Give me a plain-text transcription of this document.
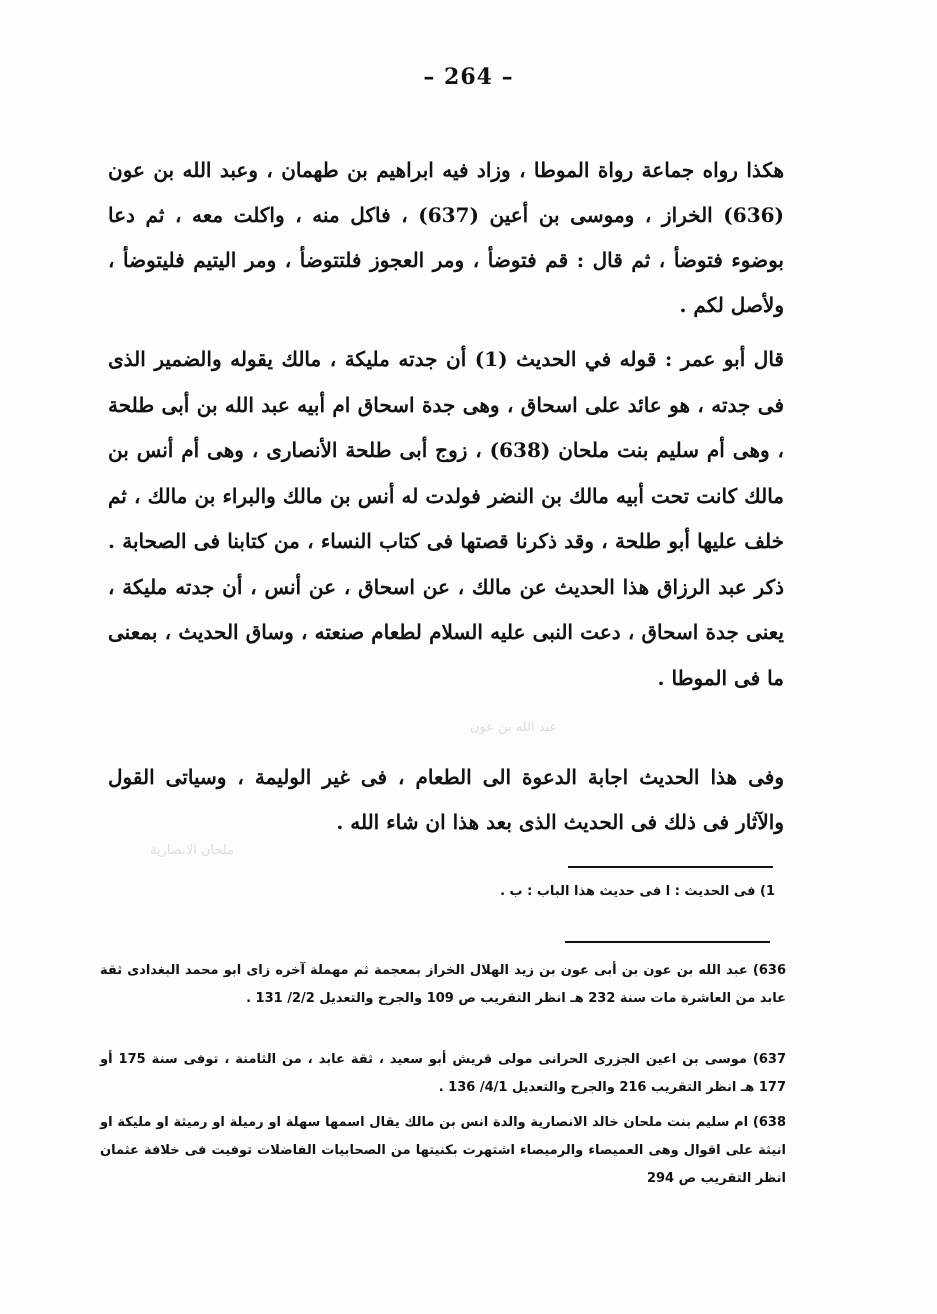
– 264 –

هكذا رواه جماعة رواة الموطا ، وزاد فيه ابراهيم بن طهمان ، وعبد الله بن عون (636) الخراز ، وموسى بن أعين (637) ، فاكل منه ، واكلت معه ، ثم دعا بوضوء فتوضأ ، ثم قال : قم فتوضأ ، ومر العجوز فلتتوضأ ، ومر اليتيم فليتوضأ ، ولأصل لكم .

قال أبو عمر : قوله في الحديث (1) أن جدته مليكة ، مالك يقوله والضمير الذى فى جدته ، هو عائد على اسحاق ، وهى جدة اسحاق ام أبيه عبد الله بن أبى طلحة ، وهى أم سليم بنت ملحان (638) ، زوج أبى طلحة الأنصارى ، وهى أم أنس بن مالك كانت تحت أبيه مالك بن النضر فولدت له أنس بن مالك والبراء بن مالك ، ثم خلف عليها أبو طلحة ، وقد ذكرنا قصتها فى كتاب النساء ، من كتابنا فى الصحابة . ذكر عبد الرزاق هذا الحديث عن مالك ، عن اسحاق ، عن أنس ، أن جدته مليكة ، يعنى جدة اسحاق ، دعت النبى عليه السلام لطعام صنعته ، وساق الحديث ، بمعنى ما فى الموطا .

وفى هذا الحديث اجابة الدعوة الى الطعام ، فى غير الوليمة ، وسياتى القول والآثار فى ذلك فى الحديث الذى بعد هذا ان شاء الله .

1) فى الحديث : ا فى حديث هذا الباب : ب .

636) عبد الله بن عون بن أبى عون بن زيد الهلال الخراز بمعجمة ثم مهملة آخره زاى ابو محمد البغدادى ثقة عابد من العاشرة مات سنة 232 هـ انظر التقريب ص 109 والجرح والتعديل 2/2/ 131 .

637) موسى بن اعين الجزرى الحرانى مولى قريش أبو سعيد ، ثقة عابد ، من الثامنة ، توفى سنة 175 أو 177 هـ انظر التقريب 216 والجرح والتعديل 4/1/ 136 .

638) ام سليم بنت ملحان خالد الانصارية والدة انس بن مالك يقال اسمها سهلة او رميلة او رميثة او مليكة او انيثة على اقوال وهى العميصاء والرميصاء اشتهرت بكنيتها من الصحابيات الفاضلات توفيت فى خلافة عثمان انظر التقريب ص 294

عبد الله بن عون
ملحان الانصارية
